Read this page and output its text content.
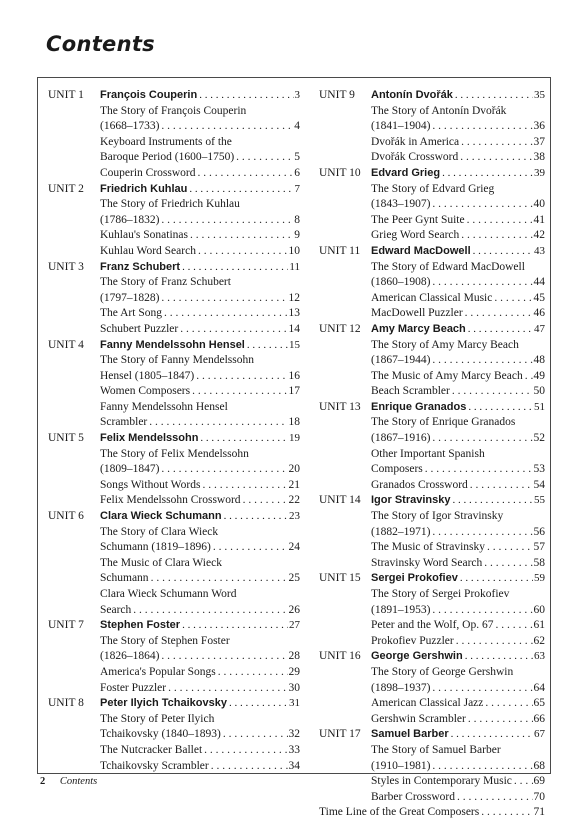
Contents
UNIT 1 François Couperin . . .	3
The Story of François Couperin
(1668–1733) . . .	4
Keyboard Instruments of the
Baroque Period (1600–1750) . . .	5
Couperin Crossword . . .	6
UNIT 2 Friedrich Kuhlau . . .	7
The Story of Friedrich Kuhlau
(1786–1832) . . .	8
Kuhlau's Sonatinas . . .	9
Kuhlau Word Search . . .	10
UNIT 3 Franz Schubert . . .	11
The Story of Franz Schubert
(1797–1828) . . .	12
The Art Song . . .	13
Schubert Puzzler . . .	14
UNIT 4 Fanny Mendelssohn Hensel . . .	15
The Story of Fanny Mendelssohn
Hensel (1805–1847) . . .	16
Women Composers . . .	17
Fanny Mendelssohn Hensel
Scrambler . . .	18
UNIT 5 Felix Mendelssohn . . .	19
The Story of Felix Mendelssohn
(1809–1847) . . .	20
Songs Without Words . . .	21
Felix Mendelssohn Crossword . . .	22
UNIT 6 Clara Wieck Schumann . . .	23
The Story of Clara Wieck
Schumann (1819–1896) . . .	24
The Music of Clara Wieck
Schumann . . .	25
Clara Wieck Schumann Word
Search . . .	26
UNIT 7 Stephen Foster . . .	27
The Story of Stephen Foster
(1826–1864) . . .	28
America's Popular Songs . . .	29
Foster Puzzler . . .	30
UNIT 8 Peter Ilyich Tchaikovsky . . .	31
The Story of Peter Ilyich
Tchaikovsky (1840–1893) . . .	32
The Nutcracker Ballet . . .	33
Tchaikovsky Scrambler . . .	34
UNIT 9 Antonín Dvořák . . .	35
The Story of Antonín Dvořák
(1841–1904) . . .	36
Dvořák in America . . .	37
Dvořák Crossword . . .	38
UNIT 10 Edvard Grieg . . .	39
The Story of Edvard Grieg
(1843–1907) . . .	40
The Peer Gynt Suite . . .	41
Grieg Word Search . . .	42
UNIT 11 Edward MacDowell . . .	43
The Story of Edward MacDowell
(1860–1908) . . .	44
American Classical Music . . .	45
MacDowell Puzzler . . .	46
UNIT 12 Amy Marcy Beach . . .	47
The Story of Amy Marcy Beach
(1867–1944) . . .	48
The Music of Amy Marcy Beach . . . 49
Beach Scrambler . . .	50
UNIT 13 Enrique Granados . . .	51
The Story of Enrique Granados
(1867–1916) . . .	52
Other Important Spanish
Composers . . .	53
Granados Crossword . . .	54
UNIT 14 Igor Stravinsky . . .	55
The Story of Igor Stravinsky
(1882–1971) . . .	56
The Music of Stravinsky . . .	57
Stravinsky Word Search . . .	58
UNIT 15 Sergei Prokofiev . . .	59
The Story of Sergei Prokofiev
(1891–1953) . . .	60
Peter and the Wolf, Op. 67 . . .	61
Prokofiev Puzzler . . .	62
UNIT 16 George Gershwin . . .	63
The Story of George Gershwin
(1898–1937) . . .	64
American Classical Jazz . . .	65
Gershwin Scrambler . . .	66
UNIT 17 Samuel Barber . . .	67
The Story of Samuel Barber
(1910–1981) . . .	68
Styles in Contemporary Music . . . 69
Barber Crossword . . .	70
Time Line of the Great Composers . . .	71
2 Contents
